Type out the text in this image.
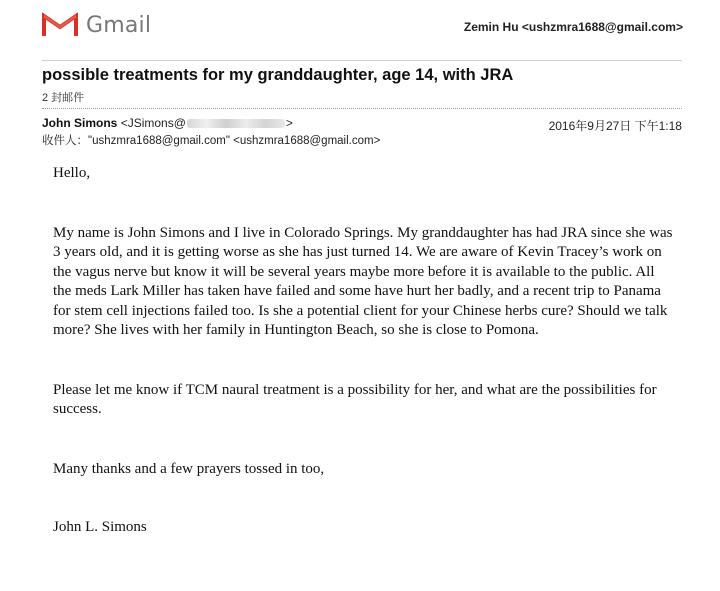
Gmail	Zemin Hu <ushzmra1688@gmail.com>
possible treatments for my granddaughter, age 14, with JRA
2 封邮件
John Simons <JSimons@	>	2016年9月27日 下午1:18
收件人："ushzmra1688@gmail.com" <ushzmra1688@gmail.com>

Hello,

My name is John Simons and I live in Colorado Springs. My granddaughter has had JRA since she was 3 years old, and it is getting worse as she has just turned 14. We are aware of Kevin Tracey’s work on the vagus nerve but know it will be several years maybe more before it is available to the public. All the meds Lark Miller has taken have failed and some have hurt her badly, and a recent trip to Panama for stem cell injections failed too. Is she a potential client for your Chinese herbs cure? Should we talk more? She lives with her family in Huntington Beach, so she is close to Pomona.

Please let me know if TCM naural treatment is a possibility for her, and what are the possibilities for success.

Many thanks and a few prayers tossed in too,

John L. Simons
